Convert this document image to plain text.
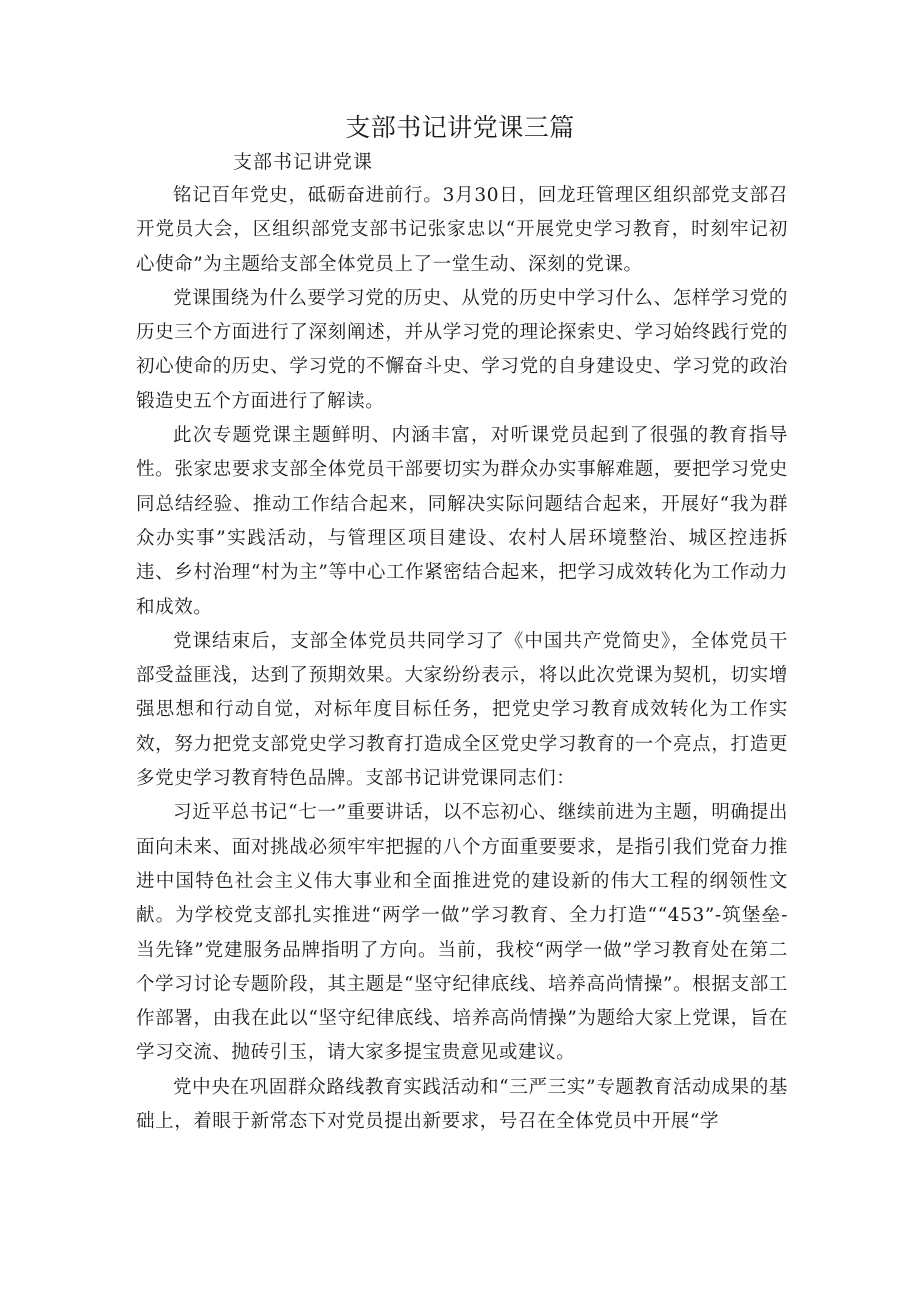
支部书记讲党课三篇

支部书记讲党课

铭记百年党史，砥砺奋进前行。3月30日，回龙玨管理区组织部党支部召开党员大会，区组织部党支部书记张家忠以“开展党史学习教育，时刻牢记初心使命”为主题给支部全体党员上了一堂生动、深刻的党课。

党课围绕为什么要学习党的历史、从党的历史中学习什么、怎样学习党的历史三个方面进行了深刻阐述，并从学习党的理论探索史、学习始终践行党的初心使命的历史、学习党的不懈奋斗史、学习党的自身建设史、学习党的政治锻造史五个方面进行了解读。

此次专题党课主题鲜明、内涵丰富，对听课党员起到了很强的教育指导性。张家忠要求支部全体党员干部要切实为群众办实事解难题，要把学习党史同总结经验、推动工作结合起来，同解决实际问题结合起来，开展好“我为群众办实事”实践活动，与管理区项目建设、农村人居环境整治、城区控违拆违、乡村治理“村为主”等中心工作紧密结合起来，把学习成效转化为工作动力和成效。

党课结束后，支部全体党员共同学习了《中国共产党简史》，全体党员干部受益匪浅，达到了预期效果。大家纷纷表示，将以此次党课为契机，切实增强思想和行动自觉，对标年度目标任务，把党史学习教育成效转化为工作实效，努力把党支部党史学习教育打造成全区党史学习教育的一个亮点，打造更多党史学习教育特色品牌。支部书记讲党课同志们：

习近平总书记“七一”重要讲话，以不忘初心、继续前进为主题，明确提出面向未来、面对挑战必须牢牢把握的八个方面重要要求，是指引我们党奋力推进中国特色社会主义伟大事业和全面推进党的建设新的伟大工程的纲领性文献。为学校党支部扎实推进“两学一做”学习教育、全力打造““453”-筑堡垒-当先锋”党建服务品牌指明了方向。当前，我校“两学一做”学习教育处在第二个学习讨论专题阶段，其主题是“坚守纪律底线、培养高尚情操”。根据支部工作部署，由我在此以“坚守纪律底线、培养高尚情操”为题给大家上党课，旨在学习交流、抛砖引玉，请大家多提宝贵意见或建议。

党中央在巩固群众路线教育实践活动和“三严三实”专题教育活动成果的基础上，着眼于新常态下对党员提出新要求，号召在全体党员中开展“学
